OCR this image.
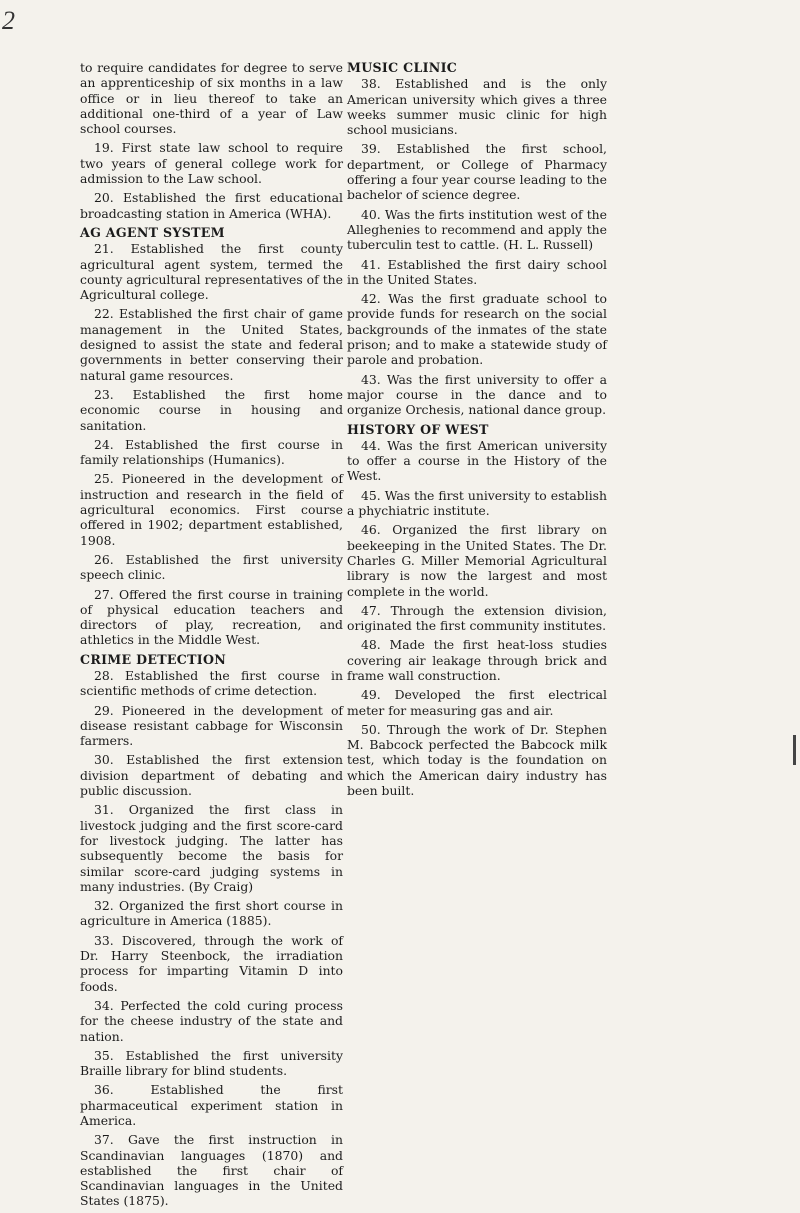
2

to require candidates for degree to serve an apprenticeship of six months in a law office or in lieu thereof to take an additional one-third of a year of Law school courses.

19. First state law school to require two years of general college work for admission to the Law school.

20. Established the first educational broadcasting station in America (WHA).

AG AGENT SYSTEM

21. Established the first county agricultural agent system, termed the county agricultural representatives of the Agricultural college.

22. Established the first chair of game management in the United States, designed to assist the state and federal governments in better conserving their natural game resources.

23. Established the first home economic course in housing and sanitation.

24. Established the first course in family relationships (Humanics).

25. Pioneered in the development of instruction and research in the field of agricultural economics. First course offered in 1902; department established, 1908.

26. Established the first university speech clinic.

27. Offered the first course in training of physical education teachers and directors of play, recreation, and athletics in the Middle West.

CRIME DETECTION

28. Established the first course in scientific methods of crime detection.

29. Pioneered in the development of disease resistant cabbage for Wisconsin farmers.

30. Established the first extension division department of debating and public discussion.

31. Organized the first class in livestock judging and the first score-card for livestock judging. The latter has subsequently become the basis for similar score-card judging systems in many industries. (By Craig)

32. Organized the first short course in agriculture in America (1885).

33. Discovered, through the work of Dr. Harry Steenbock, the irradiation process for imparting Vitamin D into foods.

34. Perfected the cold curing process for the cheese industry of the state and nation.

35. Established the first university Braille library for blind students.

36. Established the first pharmaceutical experiment station in America.

37. Gave the first instruction in Scandinavian languages (1870) and established the first chair of Scandinavian languages in the United States (1875).

MUSIC CLINIC

38. Established and is the only American university which gives a three weeks summer music clinic for high school musicians.

39. Established the first school, department, or College of Pharmacy offering a four year course leading to the bachelor of science degree.

40. Was the firts institution west of the Alleghenies to recommend and apply the tuberculin test to cattle. (H. L. Russell)

41. Established the first dairy school in the United States.

42. Was the first graduate school to provide funds for research on the social backgrounds of the inmates of the state prison; and to make a statewide study of parole and probation.

43. Was the first university to offer a major course in the dance and to organize Orchesis, national dance group.

HISTORY OF WEST

44. Was the first American university to offer a course in the History of the West.

45. Was the first university to establish a phychiatric institute.

46. Organized the first library on beekeeping in the United States. The Dr. Charles G. Miller Memorial Agricultural library is now the largest and most complete in the world.

47. Through the extension division, originated the first community institutes.

48. Made the first heat-loss studies covering air leakage through brick and frame wall construction.

49. Developed the first electrical meter for measuring gas and air.

50. Through the work of Dr. Stephen M. Babcock perfected the Babcock milk test, which today is the foundation on which the American dairy industry has been built.
